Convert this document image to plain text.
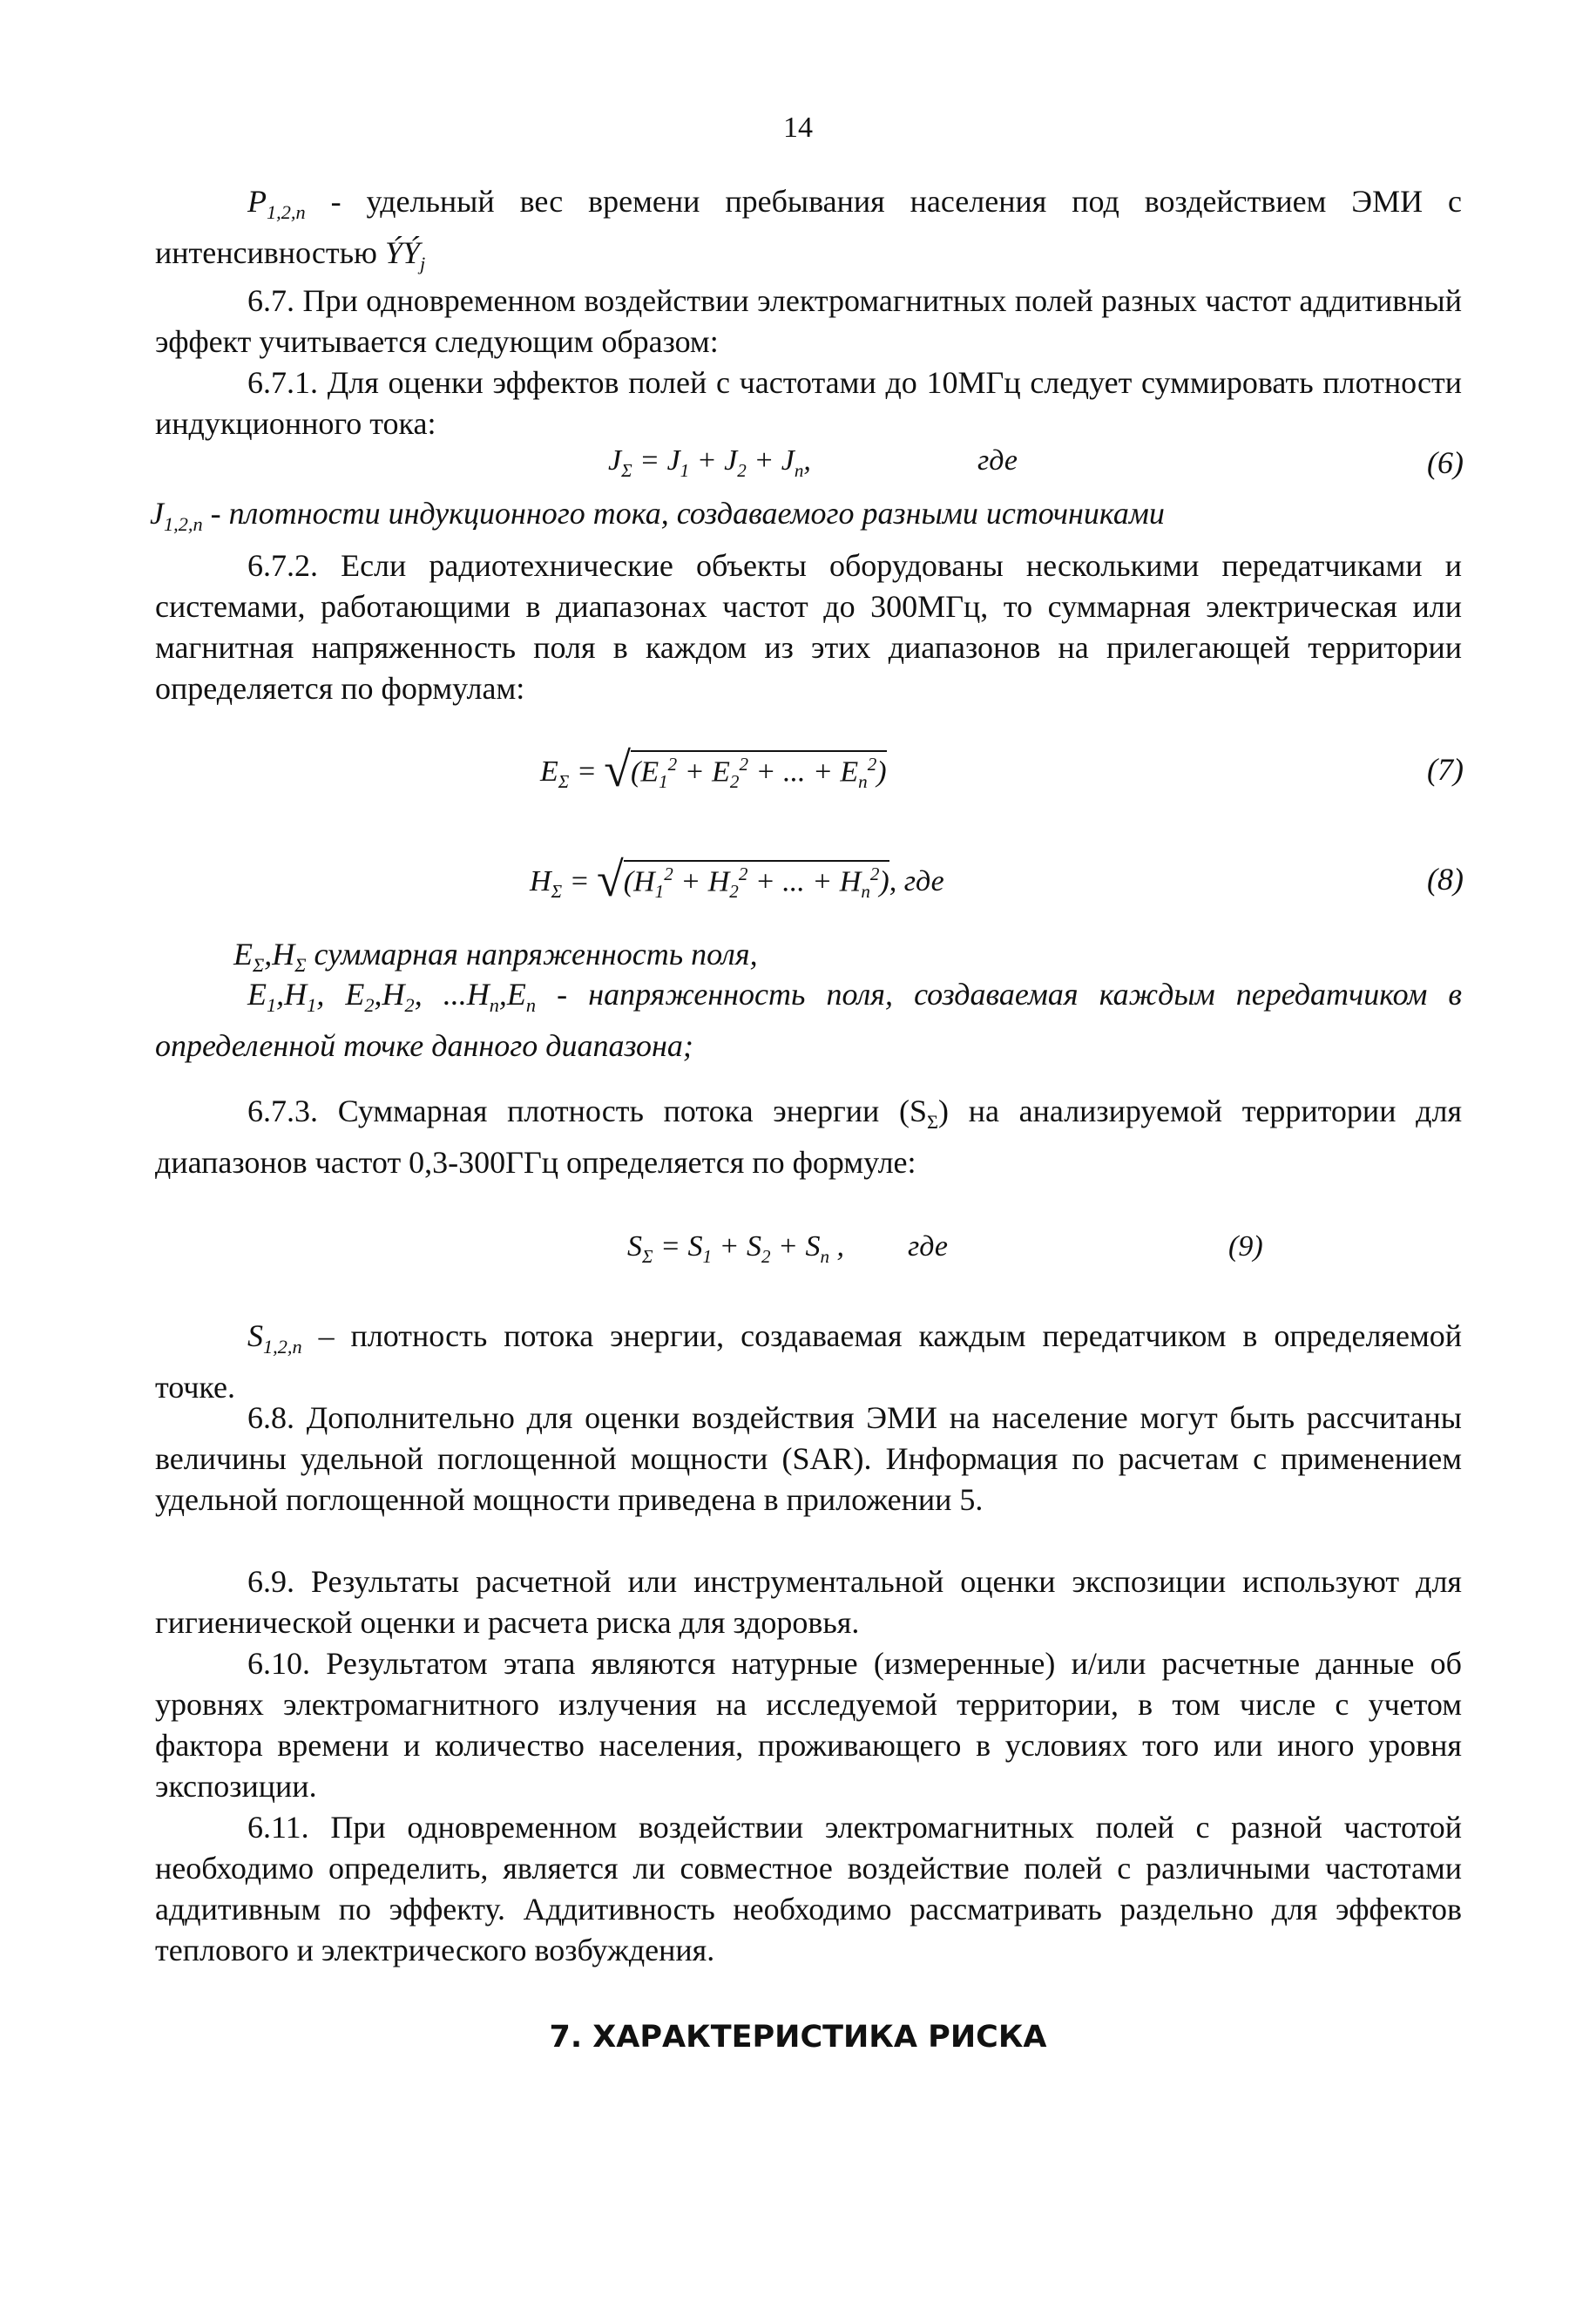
14
$P_{1,2,n}$ - удельный вес времени пребывания населения под воздействием ЭМИ с интенсивностью $ÝÝ_j$
6.7. При одновременном воздействии электромагнитных полей разных частот аддитивный эффект учитывается следующим образом:
6.7.1. Для оценки эффектов полей с частотами до 10МГц следует суммировать плотности индукционного тока:
$J_\Sigma = J_1 + J_2 + J_n$,	где	(6)
$J_{1,2,n}$ - плотности индукционного тока, создаваемого разными источниками
6.7.2. Если радиотехнические объекты оборудованы несколькими передатчиками и системами, работающими в диапазонах частот до 300МГц, то суммарная электрическая или магнитная напряженность поля в каждом из этих диапазонов на прилегающей территории определяется по формулам:
$E_\Sigma = √(E_1^2 + E_2^2$ + ... + $E_n^2$)	(7)
$H_\Sigma = √(H_1^2 + H_2^2$ + ... + $H_n^2$), где	(8)
$E_\Sigma,H_\Sigma$ суммарная напряженность поля,
$E_1,H_1$, $E_2,H_2$, $...H_n,E_n$ - напряженность поля, создаваемая каждым передатчиком в определенной точке данного диапазона;
6.7.3. Суммарная плотность потока энергии $(S_\Sigma)$ на анализируемой территории для диапазонов частот 0,3-300ГГц определяется по формуле:
$S_\Sigma = S_1 + S_2 + S_n$ , где	(9)
$S_{1,2,n}$ – плотность потока энергии, создаваемая каждым передатчиком в определяемой точке.
6.8. Дополнительно для оценки воздействия ЭМИ на население могут быть рассчитаны величины удельной поглощенной мощности (SAR). Информация по расчетам с применением удельной поглощенной мощности приведена в приложении 5.
6.9. Результаты расчетной или инструментальной оценки экспозиции используют для гигиенической оценки и расчета риска для здоровья.
6.10. Результатом этапа являются натурные (измеренные) и/или расчетные данные об уровнях электромагнитного излучения на исследуемой территории, в том числе с учетом фактора времени и количество населения, проживающего в условиях того или иного уровня экспозиции.
6.11. При одновременном воздействии электромагнитных полей с разной частотой необходимо определить, является ли совместное воздействие полей с различными частотами аддитивным по эффекту. Аддитивность необходимо рассматривать раздельно для эффектов теплового и электрического возбуждения.
7. ХАРАКТЕРИСТИКА РИСКА
